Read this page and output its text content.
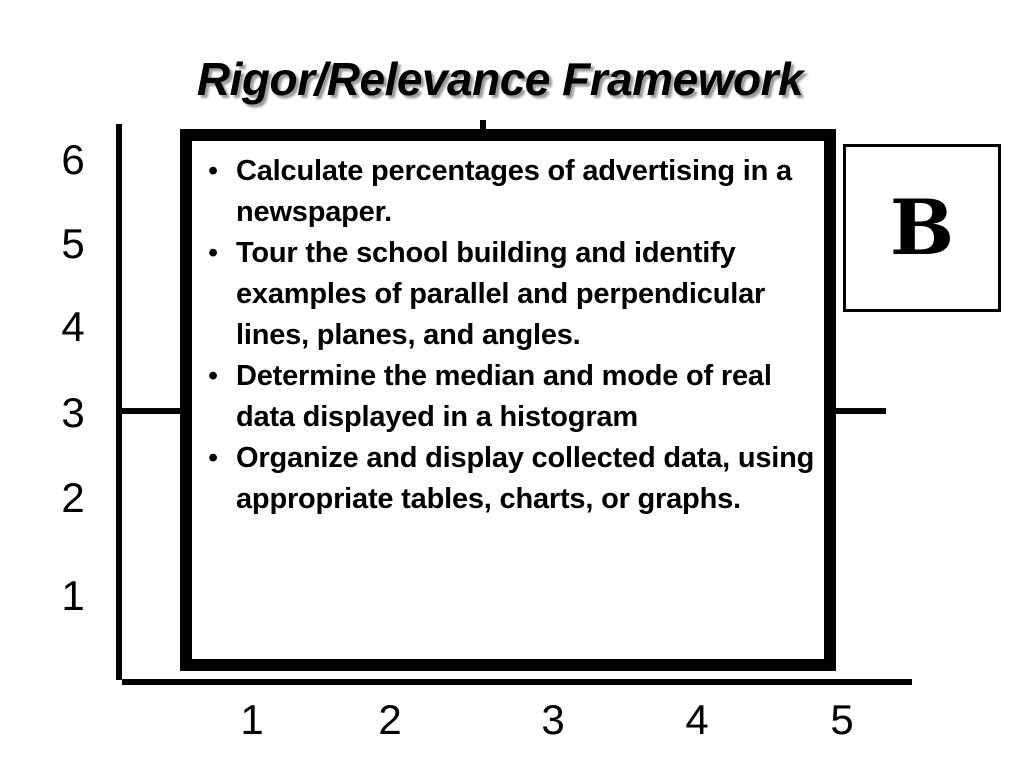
Rigor/Relevance Framework
6
5
4
3
2
1
1	2	3	4	5
• Calculate percentages of advertising in a newspaper.
• Tour the school building and identify examples of parallel and perpendicular lines, planes, and angles.
• Determine the median and mode of real data displayed in a histogram
• Organize and display collected data, using appropriate tables, charts, or graphs.
B
